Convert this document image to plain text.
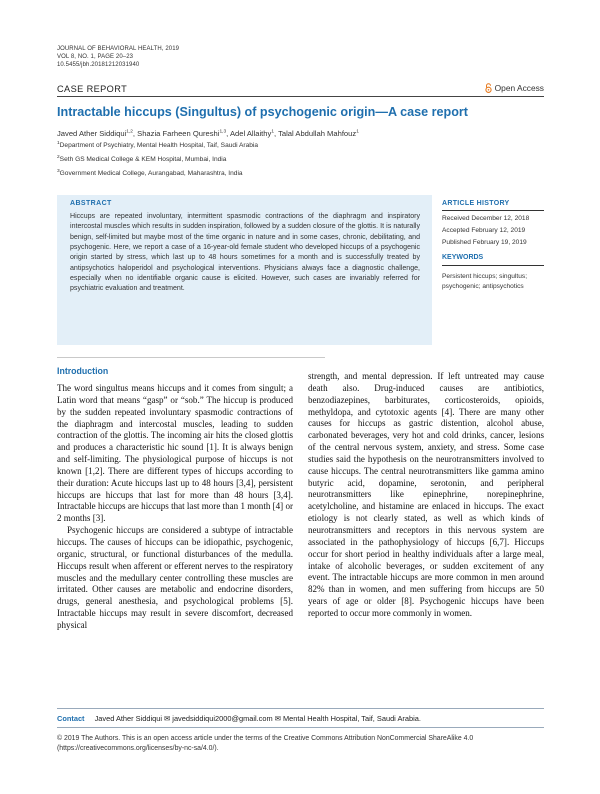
JOURNAL OF BEHAVIORAL HEALTH, 2019
VOL 8, NO. 1, PAGE 20–23
10.5455/jbh.20181212031940
CASE REPORT	Open Access
Intractable hiccups (Singultus) of psychogenic origin—A case report
Javed Ather Siddiqui$^{1,2}$, Shazia Farheen Qureshi$^{1,3}$, Adel Allaithy$^1$, Talal Abdullah Mahfouz$^1$
$^1$Department of Psychiatry, Mental Health Hospital, Taif, Saudi Arabia
$^2$Seth GS Medical College & KEM Hospital, Mumbai, India
$^3$Government Medical College, Aurangabad, Maharashtra, India
ABSTRACT
Hiccups are repeated involuntary, intermittent spasmodic contractions of the diaphragm and inspiratory intercostal muscles which results in sudden inspiration, followed by a sudden closure of the glottis. It is naturally benign, self-limited but maybe most of the time organic in nature and in some cases, chronic, debilitating, and psychogenic. Here, we report a case of a 16-year-old female student who developed hiccups of a psychogenic origin started by stress, which last up to 48 hours sometimes for a month and is successfully treated by antipsychotics haloperidol and psychological interventions. Physicians always face a diagnostic challenge, especially when no identifiable organic cause is elicited. However, such cases are invariably referred for psychiatric evaluation and treatment.
ARTICLE HISTORY
Received December 12, 2018
Accepted February 12, 2019
Published February 19, 2019
KEYWORDS
Persistent hiccups; singultus; psychogenic; antipsychotics
Introduction

The word singultus means hiccups and it comes from singult; a Latin word that means “gasp” or “sob.” The hiccup is produced by the sudden repeated involuntary spasmodic contractions of the diaphragm and intercostal muscles, leading to sudden contraction of the glottis. The incoming air hits the closed glottis and produces a characteristic hic sound [1]. It is always benign and self-limiting. The physiological purpose of hiccups is not known [1,2]. There are different types of hiccups according to their duration: Acute hiccups last up to 48 hours [3,4], persistent hiccups are hiccups that last for more than 48 hours [3,4]. Intractable hiccups are hiccups that last more than 1 month [4] or 2 months [3].

Psychogenic hiccups are considered a subtype of intractable hiccups. The causes of hiccups can be idiopathic, psychogenic, organic, structural, or functional disturbances of the medulla. Hiccups result when afferent or efferent nerves to the respiratory muscles and the medullary center controlling these muscles are irritated. Other causes are metabolic and endocrine disorders, drugs, general anesthesia, and psychological problems [5]. Intractable hiccups may result in severe discomfort, decreased physical

strength, and mental depression. If left untreated may cause death also. Drug-induced causes are antibiotics, benzodiazepines, barbiturates, corticosteroids, opioids, methyldopa, and cytotoxic agents [4]. There are many other causes for hiccups as gastric distention, alcohol abuse, carbonated beverages, very hot and cold drinks, cancer, lesions of the central nervous system, anxiety, and stress. Some case studies said the hypothesis on the neurotransmitters involved to cause hiccups. The central neurotransmitters like gamma amino butyric acid, dopamine, serotonin, and peripheral neurotransmitters like epinephrine, norepinephrine, acetylcholine, and histamine are enlaced in hiccups. The exact etiology is not clearly stated, as well as which kinds of neurotransmitters and receptors in this nervous system are associated in the pathophysiology of hiccups [6,7]. Hiccups occur for short period in healthy individuals after a large meal, intake of alcoholic beverages, or sudden excitement of any event. The intractable hiccups are more common in men around 82% than in women, and men suffering from hiccups are 50 years of age or older [8]. Psychogenic hiccups have been reported to occur more commonly in women.

Contact Javed Ather Siddiqui ✉ javedsiddiqui2000@gmail.com ✉ Mental Health Hospital, Taif, Saudi Arabia.
© 2019 The Authors. This is an open access article under the terms of the Creative Commons Attribution NonCommercial ShareAlike 4.0 (https://creativecommons.org/licenses/by-nc-sa/4.0/).
